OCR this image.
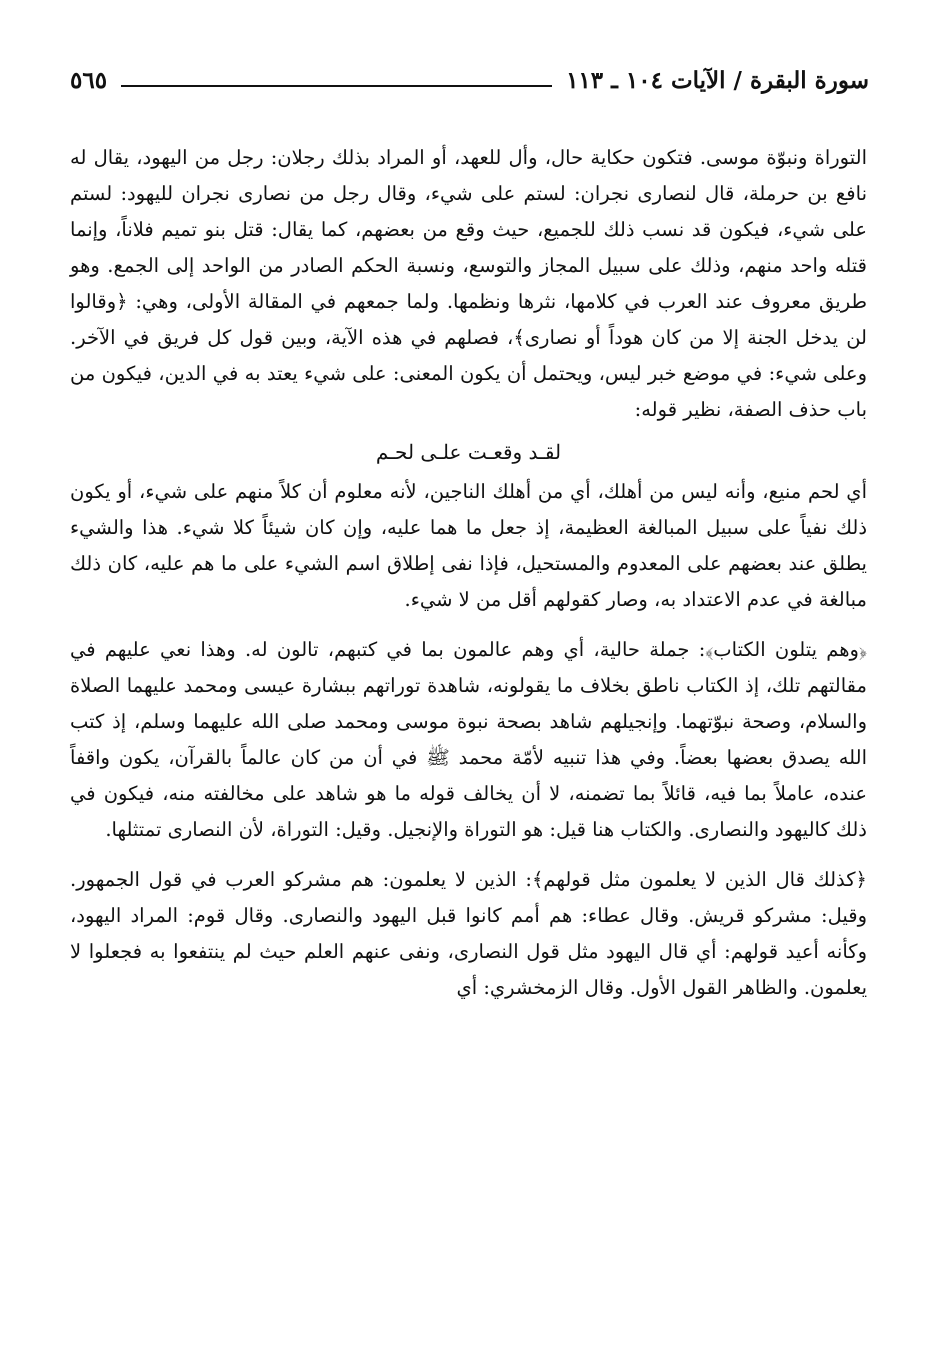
سورة البقرة / الآيات ١٠٤ ـ ١١٣
٥٦٥

التوراة ونبوّة موسى. فتكون حكاية حال، وأل للعهد، أو المراد بذلك رجلان: رجل من اليهود، يقال له نافع بن حرملة، قال لنصارى نجران: لستم على شيء، وقال رجل من نصارى نجران لليهود: لستم على شيء، فيكون قد نسب ذلك للجميع، حيث وقع من بعضهم، كما يقال: قتل بنو تميم فلاناً، وإنما قتله واحد منهم، وذلك على سبيل المجاز والتوسع، ونسبة الحكم الصادر من الواحد إلى الجمع. وهو طريق معروف عند العرب في كلامها، نثرها ونظمها. ولما جمعهم في المقالة الأولى، وهي: ﴿وقالوا لن يدخل الجنة إلا من كان هوداً أو نصارى﴾، فصلهم في هذه الآية، وبين قول كل فريق في الآخر. وعلى شيء: في موضع خبر ليس، ويحتمل أن يكون المعنى: على شيء يعتد به في الدين، فيكون من باب حذف الصفة، نظير قوله:

لقـد وقعـت علـى لحـم

أي لحم منيع، وأنه ليس من أهلك، أي من أهلك الناجين، لأنه معلوم أن كلاً منهم على شيء، أو يكون ذلك نفياً على سبيل المبالغة العظيمة، إذ جعل ما هما عليه، وإن كان شيئاً كلا شيء. هذا والشيء يطلق عند بعضهم على المعدوم والمستحيل، فإذا نفى إطلاق اسم الشيء على ما هم عليه، كان ذلك مبالغة في عدم الاعتداد به، وصار كقولهم أقل من لا شيء.

﴿وهم يتلون الكتاب﴾: جملة حالية، أي وهم عالمون بما في كتبهم، تالون له. وهذا نعي عليهم في مقالتهم تلك، إذ الكتاب ناطق بخلاف ما يقولونه، شاهدة توراتهم ببشارة عيسى ومحمد عليهما الصلاة والسلام، وصحة نبوّتهما. وإنجيلهم شاهد بصحة نبوة موسى ومحمد صلى الله عليهما وسلم، إذ كتب الله يصدق بعضها بعضاً. وفي هذا تنبيه لأمّة محمد ﷺ في أن من كان عالماً بالقرآن، يكون واقفاً عنده، عاملاً بما فيه، قائلاً بما تضمنه، لا أن يخالف قوله ما هو شاهد على مخالفته منه، فيكون في ذلك كاليهود والنصارى. والكتاب هنا قيل: هو التوراة والإنجيل. وقيل: التوراة، لأن النصارى تمتثلها.

﴿كذلك قال الذين لا يعلمون مثل قولهم﴾: الذين لا يعلمون: هم مشركو العرب في قول الجمهور. وقيل: مشركو قريش. وقال عطاء: هم أمم كانوا قبل اليهود والنصارى. وقال قوم: المراد اليهود، وكأنه أعيد قولهم: أي قال اليهود مثل قول النصارى، ونفى عنهم العلم حيث لم ينتفعوا به فجعلوا لا يعلمون. والظاهر القول الأول. وقال الزمخشري: أي
